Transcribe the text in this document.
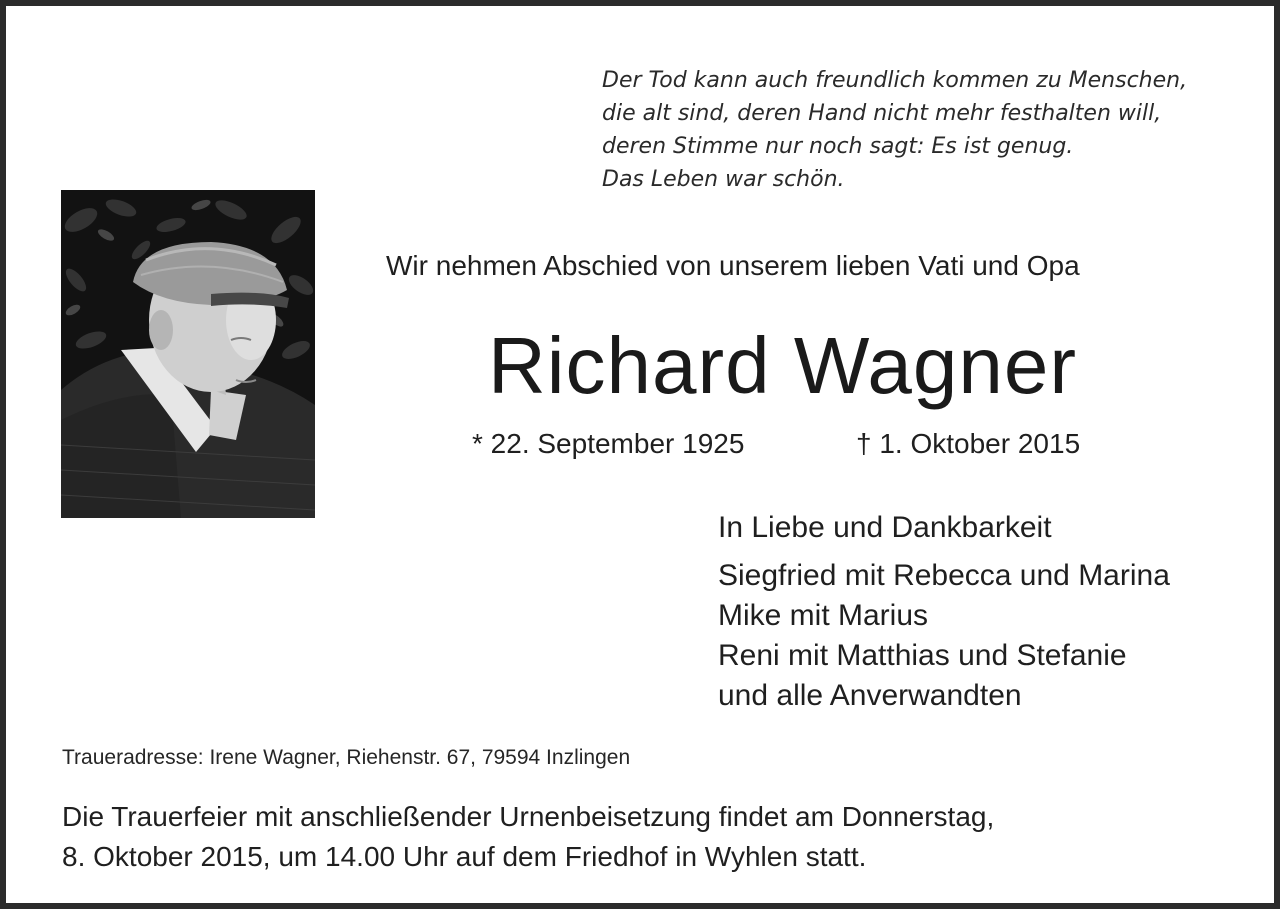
Der Tod kann auch freundlich kommen zu Menschen,
die alt sind, deren Hand nicht mehr festhalten will,
deren Stimme nur noch sagt: Es ist genug.
Das Leben war schön.
Wir nehmen Abschied von unserem lieben Vati und Opa
Richard Wagner
* 22. September 1925	† 1. Oktober 2015
In Liebe und Dankbarkeit
Siegfried mit Rebecca und Marina
Mike mit Marius
Reni mit Matthias und Stefanie
und alle Anverwandten
Traueradresse: Irene Wagner, Riehenstr. 67, 79594 Inzlingen
Die Trauerfeier mit anschließender Urnenbeisetzung findet am Donnerstag,
8. Oktober 2015, um 14.00 Uhr auf dem Friedhof in Wyhlen statt.
